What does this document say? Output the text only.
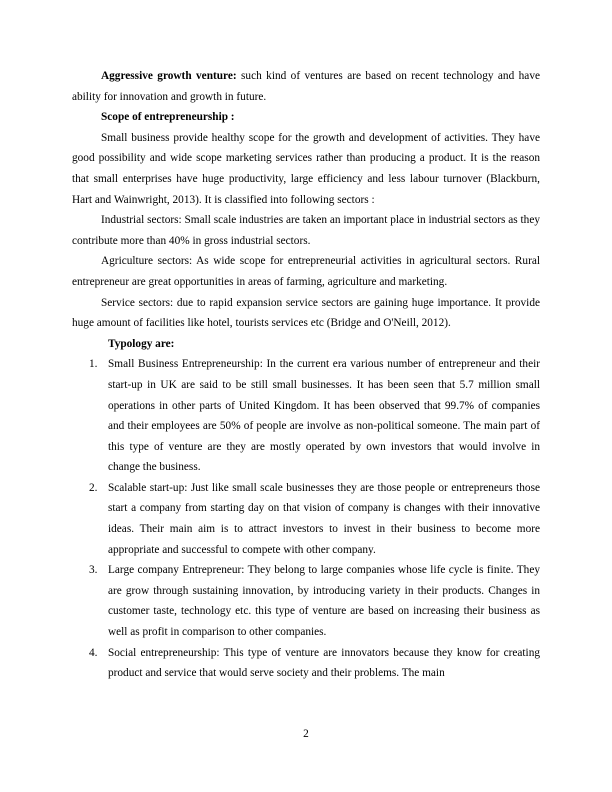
Aggressive growth venture: such kind of ventures are based on recent technology and have ability for innovation and growth in future.

Scope of entrepreneurship :

Small business provide healthy scope for the growth and development of activities. They have good possibility and wide scope marketing services rather than producing a product. It is the reason that small enterprises have huge productivity, large efficiency and less labour turnover (Blackburn, Hart and Wainwright, 2013). It is classified into following sectors :

Industrial sectors: Small scale industries are taken an important place in industrial sectors as they contribute more than 40% in gross industrial sectors.

Agriculture sectors: As wide scope for entrepreneurial activities in agricultural sectors. Rural entrepreneur are great opportunities in areas of farming, agriculture and marketing.

Service sectors: due to rapid expansion service sectors are gaining huge importance. It provide huge amount of facilities like hotel, tourists services etc (Bridge and O'Neill, 2012).

Typology are:

1. Small Business Entrepreneurship: In the current era various number of entrepreneur and their start-up in UK are said to be still small businesses. It has been seen that 5.7 million small operations in other parts of United Kingdom. It has been observed that 99.7% of companies and their employees are 50% of people are involve as non-political someone. The main part of this type of venture are they are mostly operated by own investors that would involve in change the business.
2. Scalable start-up: Just like small scale businesses they are those people or entrepreneurs those start a company from starting day on that vision of company is changes with their innovative ideas. Their main aim is to attract investors to invest in their business to become more appropriate and successful to compete with other company.
3. Large company Entrepreneur: They belong to large companies whose life cycle is finite. They are grow through sustaining innovation, by introducing variety in their products. Changes in customer taste, technology etc. this type of venture are based on increasing their business as well as profit in comparison to other companies.
4. Social entrepreneurship: This type of venture are innovators because they know for creating product and service that would serve society and their problems. The main
2
